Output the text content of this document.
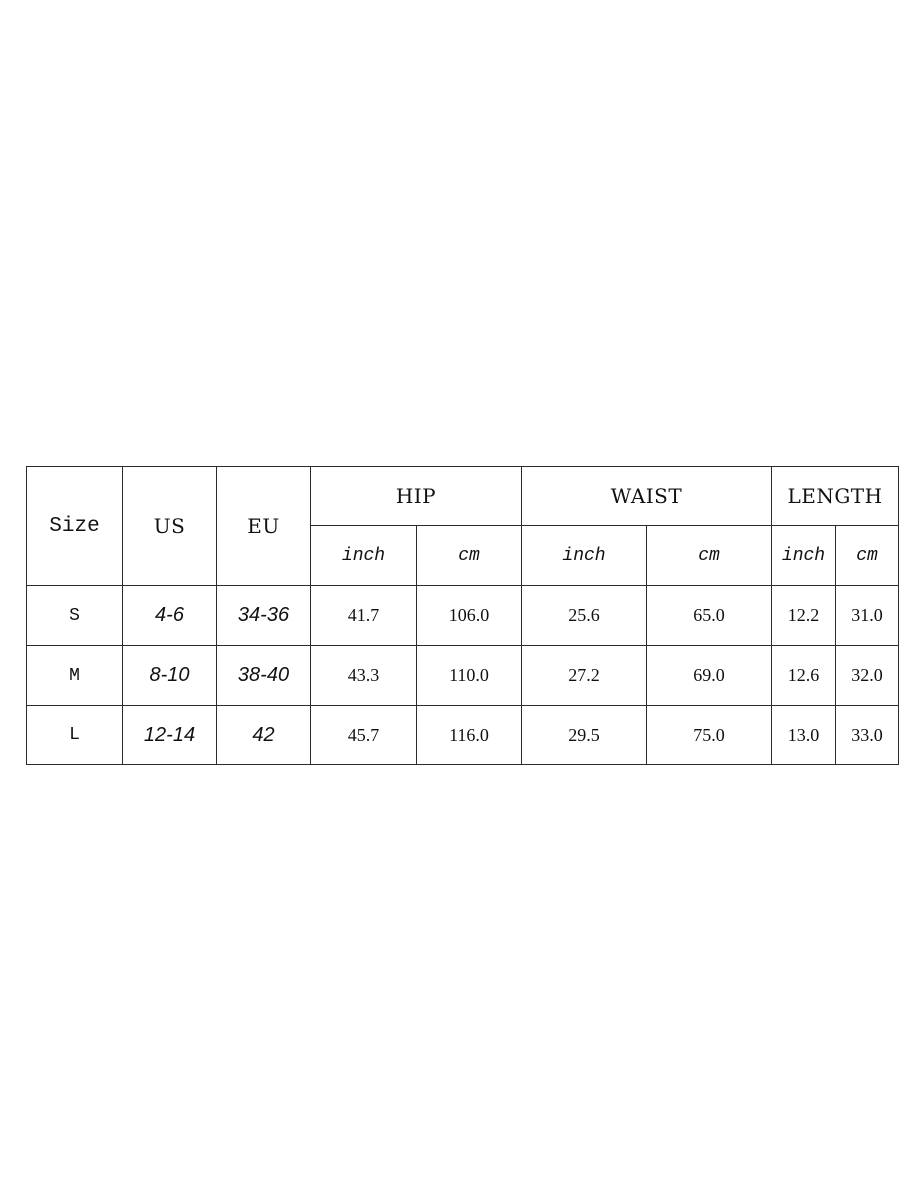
Size	US	EU	HIP		WAIST		LENGTH	
			inch	cm	inch	cm	inch	cm
S	4-6	34-36	41.7	106.0	25.6	65.0	12.2	31.0
M	8-10	38-40	43.3	110.0	27.2	69.0	12.6	32.0
L	12-14	42	45.7	116.0	29.5	75.0	13.0	33.0
